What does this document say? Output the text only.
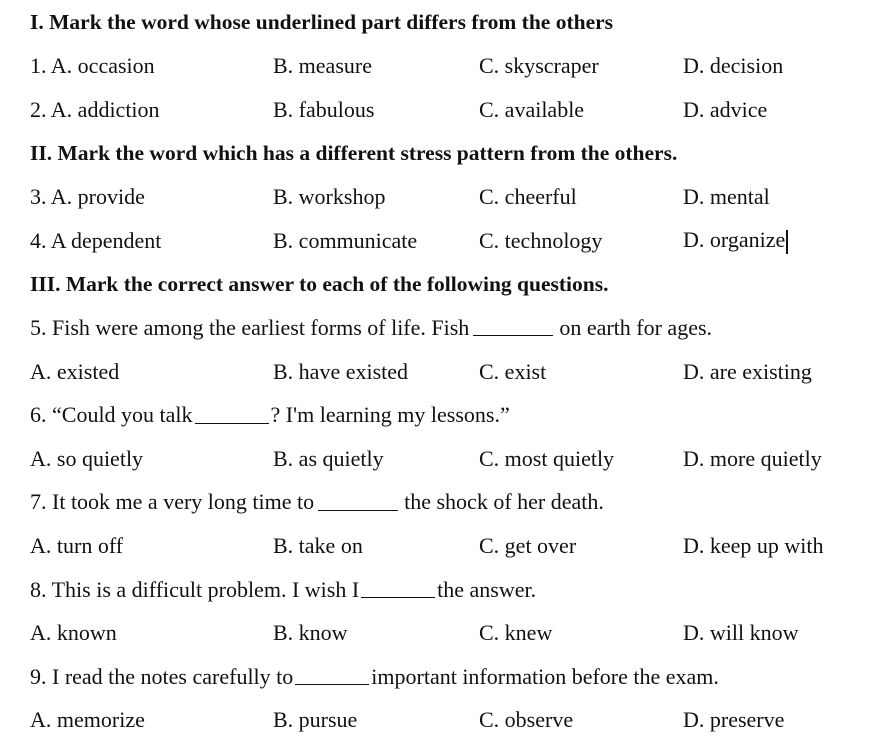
I. Mark the word whose underlined part differs from the others
1. A. occasion	B. measure	C. skyscraper	D. decision
2. A. addiction	B. fabulous	C. available	D. advice
II. Mark the word which has a different stress pattern from the others.
3. A. provide	B. workshop	C. cheerful	D. mental
4. A dependent	B. communicate	C. technology	D. organize
III. Mark the correct answer to each of the following questions.
5. Fish were among the earliest forms of life. Fish	on earth for ages.
A. existed	B. have existed	C. exist	D. are existing
6. “Could you talk	? I'm learning my lessons.”
A. so quietly	B. as quietly	C. most quietly	D. more quietly
7. It took me a very long time to	the shock of her death.
A. turn off	B. take on	C. get over	D. keep up with
8. This is a difficult problem. I wish I	the answer.
A. known	B. know	C. knew	D. will know
9. I read the notes carefully to	important information before the exam.
A. memorize	B. pursue	C. observe	D. preserve
